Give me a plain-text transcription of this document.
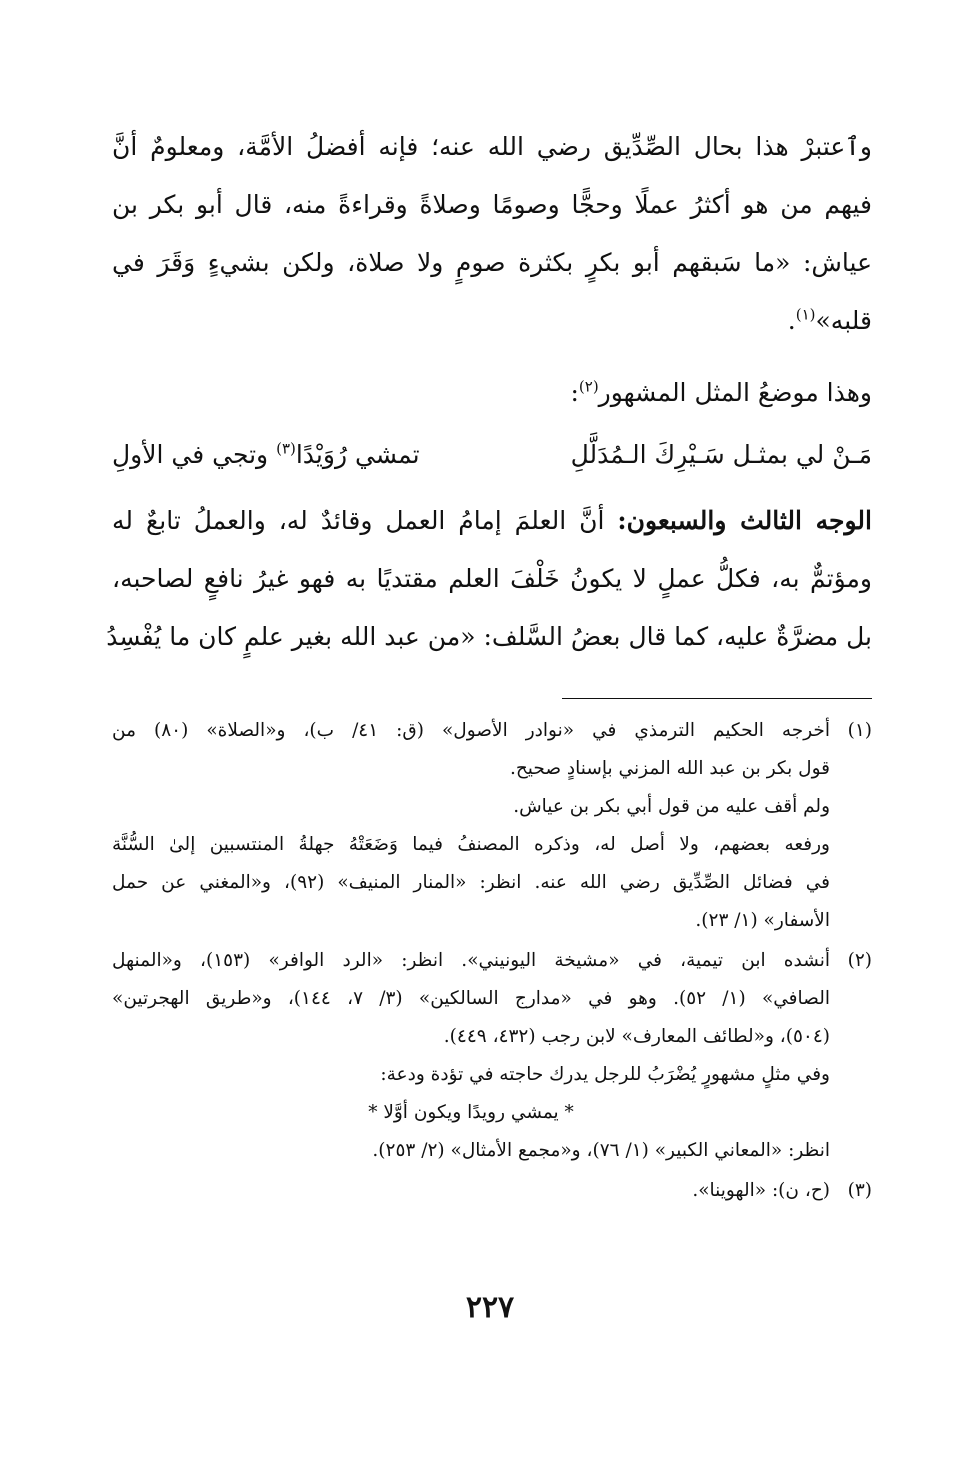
وٱعتبرْ هذا بحال الصِّدِّيق رضي الله عنه؛ فإنه أفضلُ الأمَّة، ومعلومٌ أنَّ
فيهم من هو أكثرُ عملًا وحجًّا وصومًا وصلاةً وقراءةً منه، قال أبو بكر بن
عياش: «ما سَبقهم أبو بكرٍ بكثرة صومٍ ولا صلاة، ولكن بشيءٍ وَقَرَ في
قلبه»$^{(١)}$.

وهذا موضعُ المثل المشهور$^{(٢)}$:

مَـنْ لي بمثـل سَـيْرِكَ الـمُدَلَّلِ
تمشي رُوَيْدًا$^{(٣)}$ وتجي في الأولِ

الوجه الثالث والسبعون: أنَّ العلمَ إمامُ العمل وقائدٌ له، والعملُ تابعٌ له
ومؤتمٌّ به، فكلُّ عملٍ لا يكونُ خَلْفَ العلم مقتديًا به فهو غيرُ نافعٍ لصاحبه،
بل مضرَّةٌ عليه، كما قال بعضُ السَّلف: «من عبد الله بغير علمٍ كان ما يُفْسِدُ

(١)
أخرجه الحكيم الترمذي في «نوادر الأصول» (ق: ٤١/ ب)، و«الصلاة» (٨٠) من
قول بكر بن عبد الله المزني بإسنادٍ صحيح.
ولم أقف عليه من قول أبي بكر بن عياش.
ورفعه بعضهم، ولا أصل له، وذكره المصنفُ فيما وَضَعَتْهُ جهلةُ المنتسبين إلىٰ السُّنَّة
في فضائل الصِّدِّيق رضي الله عنه. انظر: «المنار المنيف» (٩٢)، و«المغني عن حمل
الأسفار» (١/ ٢٣).
(٢)
أنشده ابن تيمية، في «مشيخة اليونيني». انظر: «الرد الوافر» (١٥٣)، و«المنهل
الصافي» (١/ ٥٢). وهو في «مدارج السالكين» (٣/ ٧، ١٤٤)، و«طريق الهجرتين»
(٥٠٤)، و«لطائف المعارف» لابن رجب (٤٣٢، ٤٤٩).
وفي مثلٍ مشهورٍ يُضْرَبُ للرجل يدرك حاجته في تؤدة ودعة:
* يمشي رويدًا ويكون أوَّلا *
انظر: «المعاني الكبير» (١/ ٧٦)، و«مجمع الأمثال» (٢/ ٢٥٣).
(٣)
(ح، ن): «الهوينا».
٢٢٧
